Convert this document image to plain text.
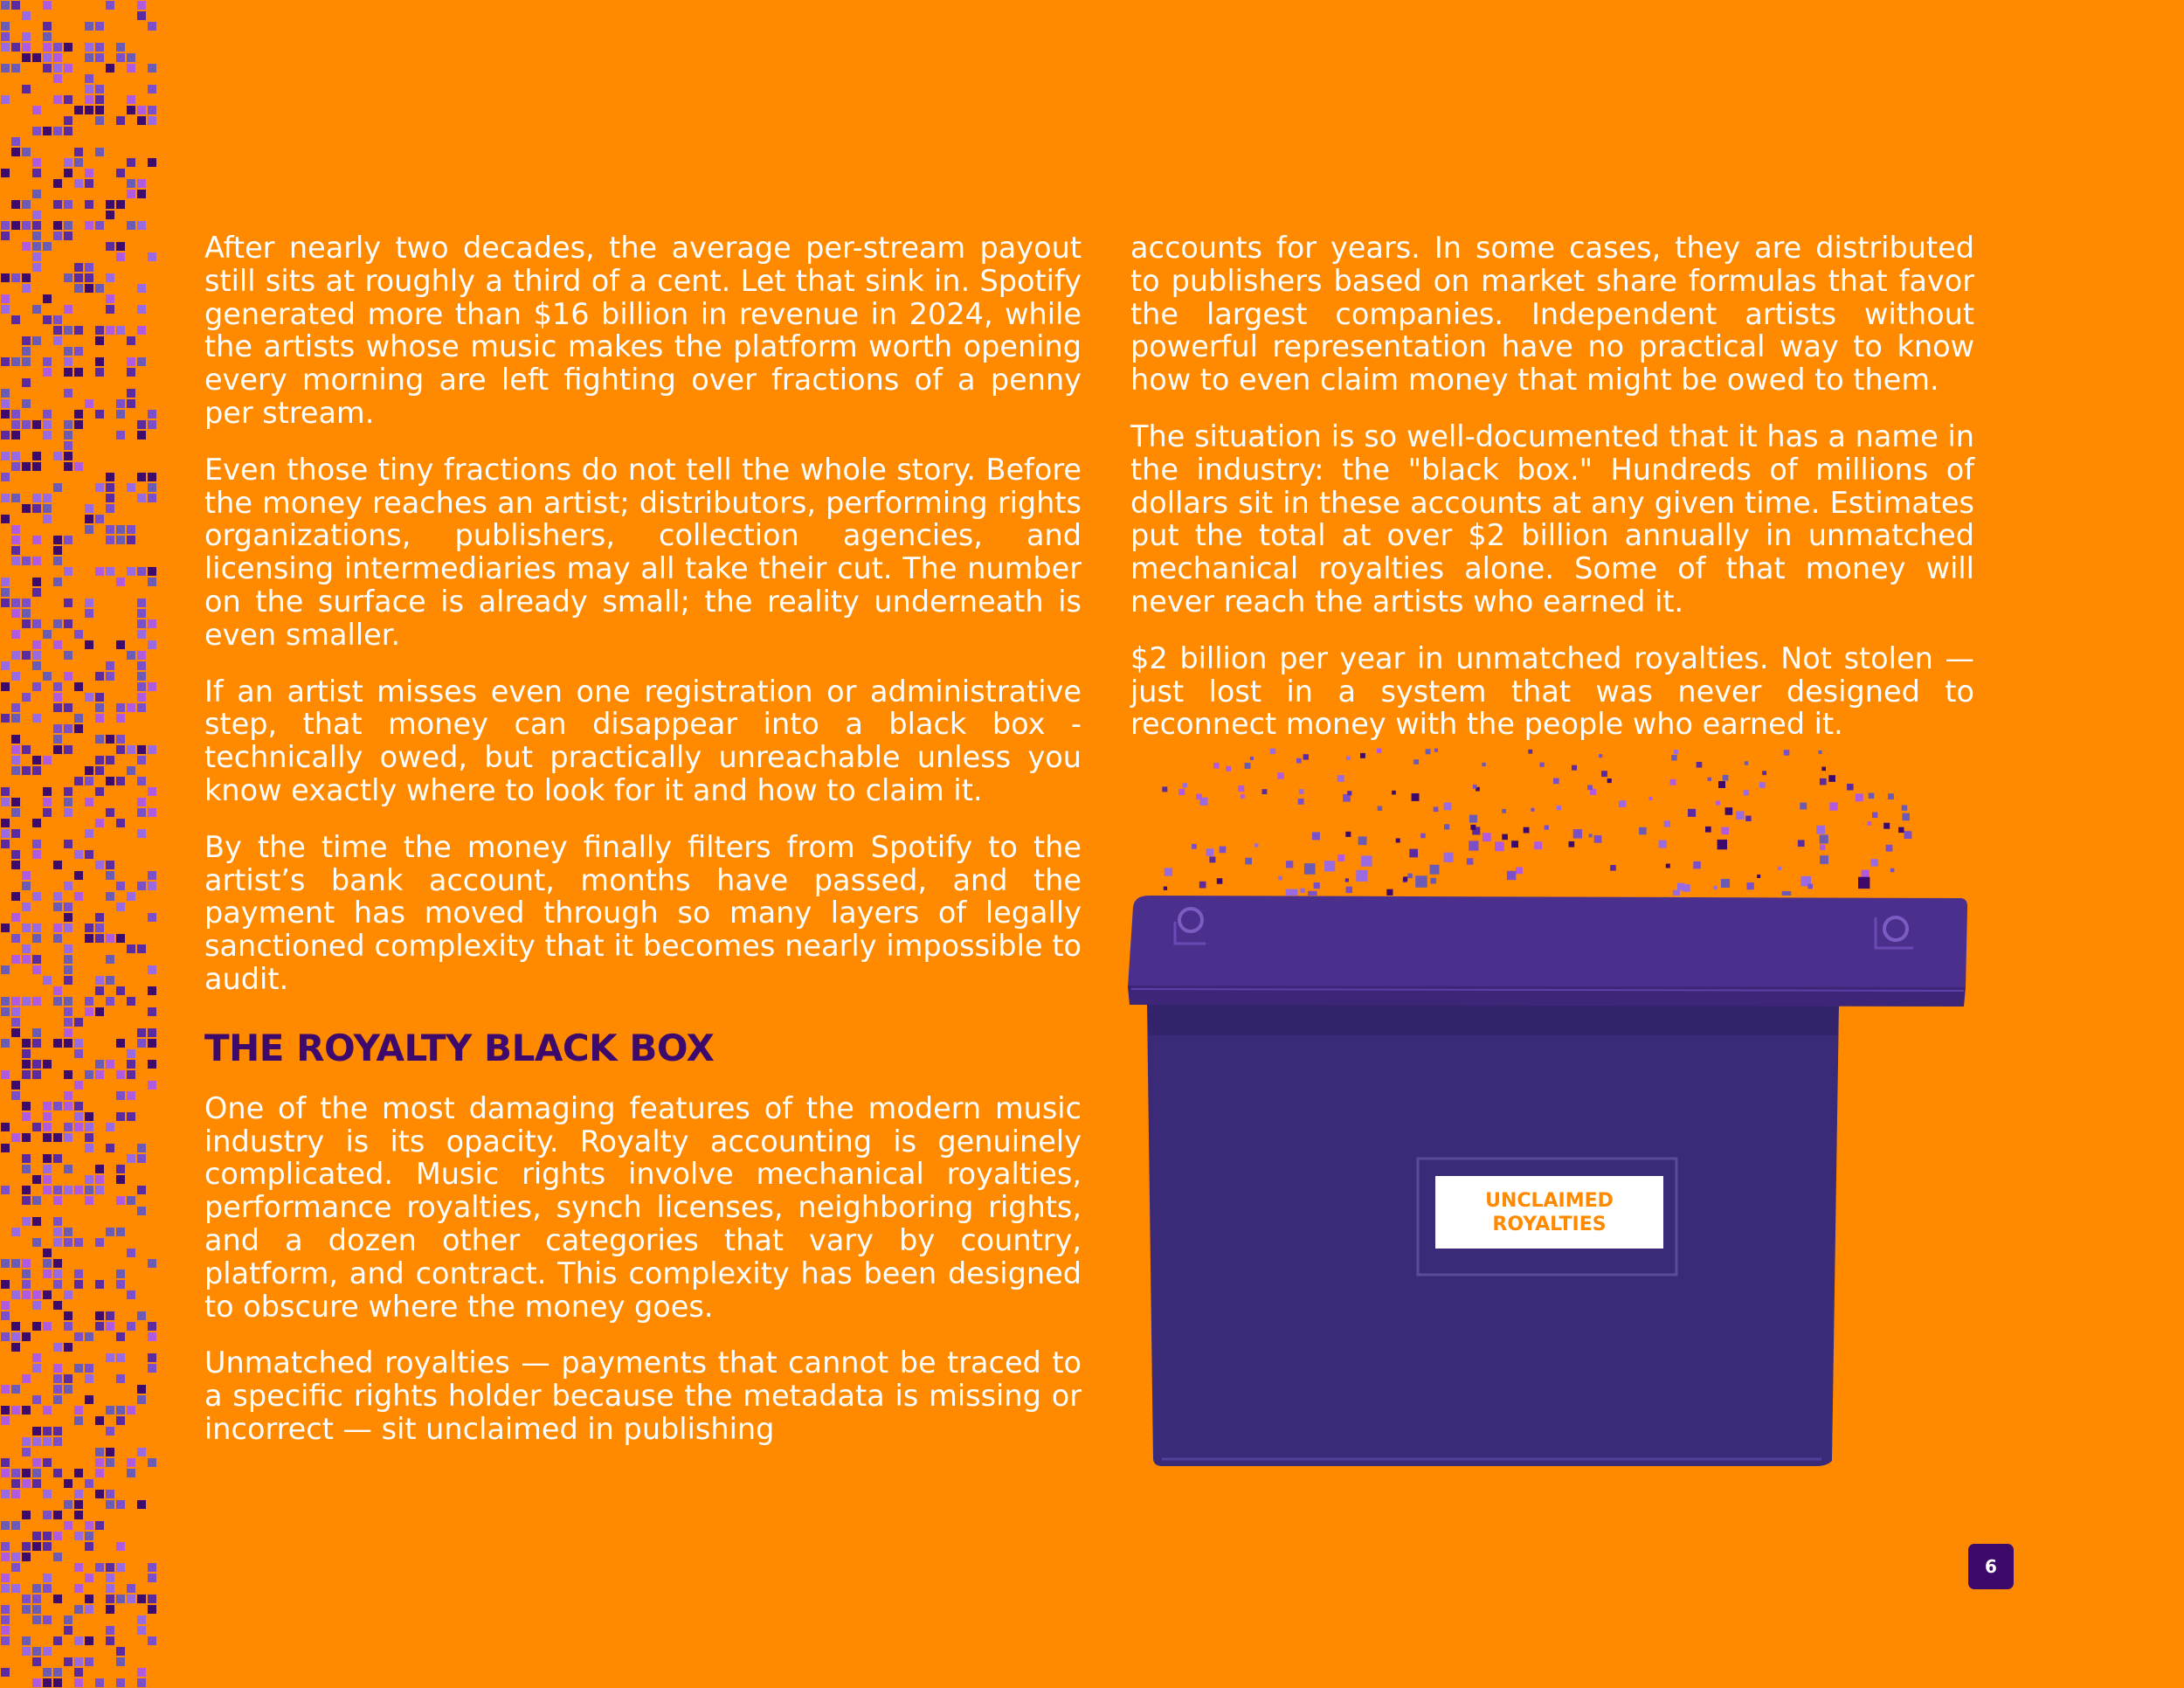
After nearly two decades, the average per-stream payout still sits at roughly a third of a cent. Let that sink in. Spotify generated more than $16 billion in revenue in 2024, while the artists whose music makes the platform worth opening every morning are left fighting over fractions of a penny per stream.

Even those tiny fractions do not tell the whole story. Before the money reaches an artist; distributors, performing rights organizations, publishers, collection agencies, and licensing intermediaries may all take their cut. The number on the surface is already small; the reality underneath is even smaller.

If an artist misses even one registration or administrative step, that money can disappear into a black box - technically owed, but practically unreachable unless you know exactly where to look for it and how to claim it.

By the time the money finally filters from Spotify to the artist’s bank account, months have passed, and the payment has moved through so many layers of legally sanctioned complexity that it becomes nearly impossible to audit.

THE ROYALTY BLACK BOX

One of the most damaging features of the modern music industry is its opacity. Royalty accounting is genuinely complicated. Music rights involve mechanical royalties, performance royalties, synch licenses, neighboring rights, and a dozen other categories that vary by country, platform, and contract. This complexity has been designed to obscure where the money goes.

Unmatched royalties — payments that cannot be traced to a specific rights holder because the metadata is missing or incorrect — sit unclaimed in publishing

accounts for years. In some cases, they are distributed to publishers based on market share formulas that favor the largest companies. Independent artists without powerful representation have no practical way to know how to even claim money that might be owed to them.

The situation is so well-documented that it has a name in the industry: the "black box." Hundreds of millions of dollars sit in these accounts at any given time. Estimates put the total at over $2 billion annually in unmatched mechanical royalties alone. Some of that money will never reach the artists who earned it.

$2 billion per year in unmatched royalties. Not stolen — just lost in a system that was never designed to reconnect money with the people who earned it.

UNCLAIMED
ROYALTIES
6
